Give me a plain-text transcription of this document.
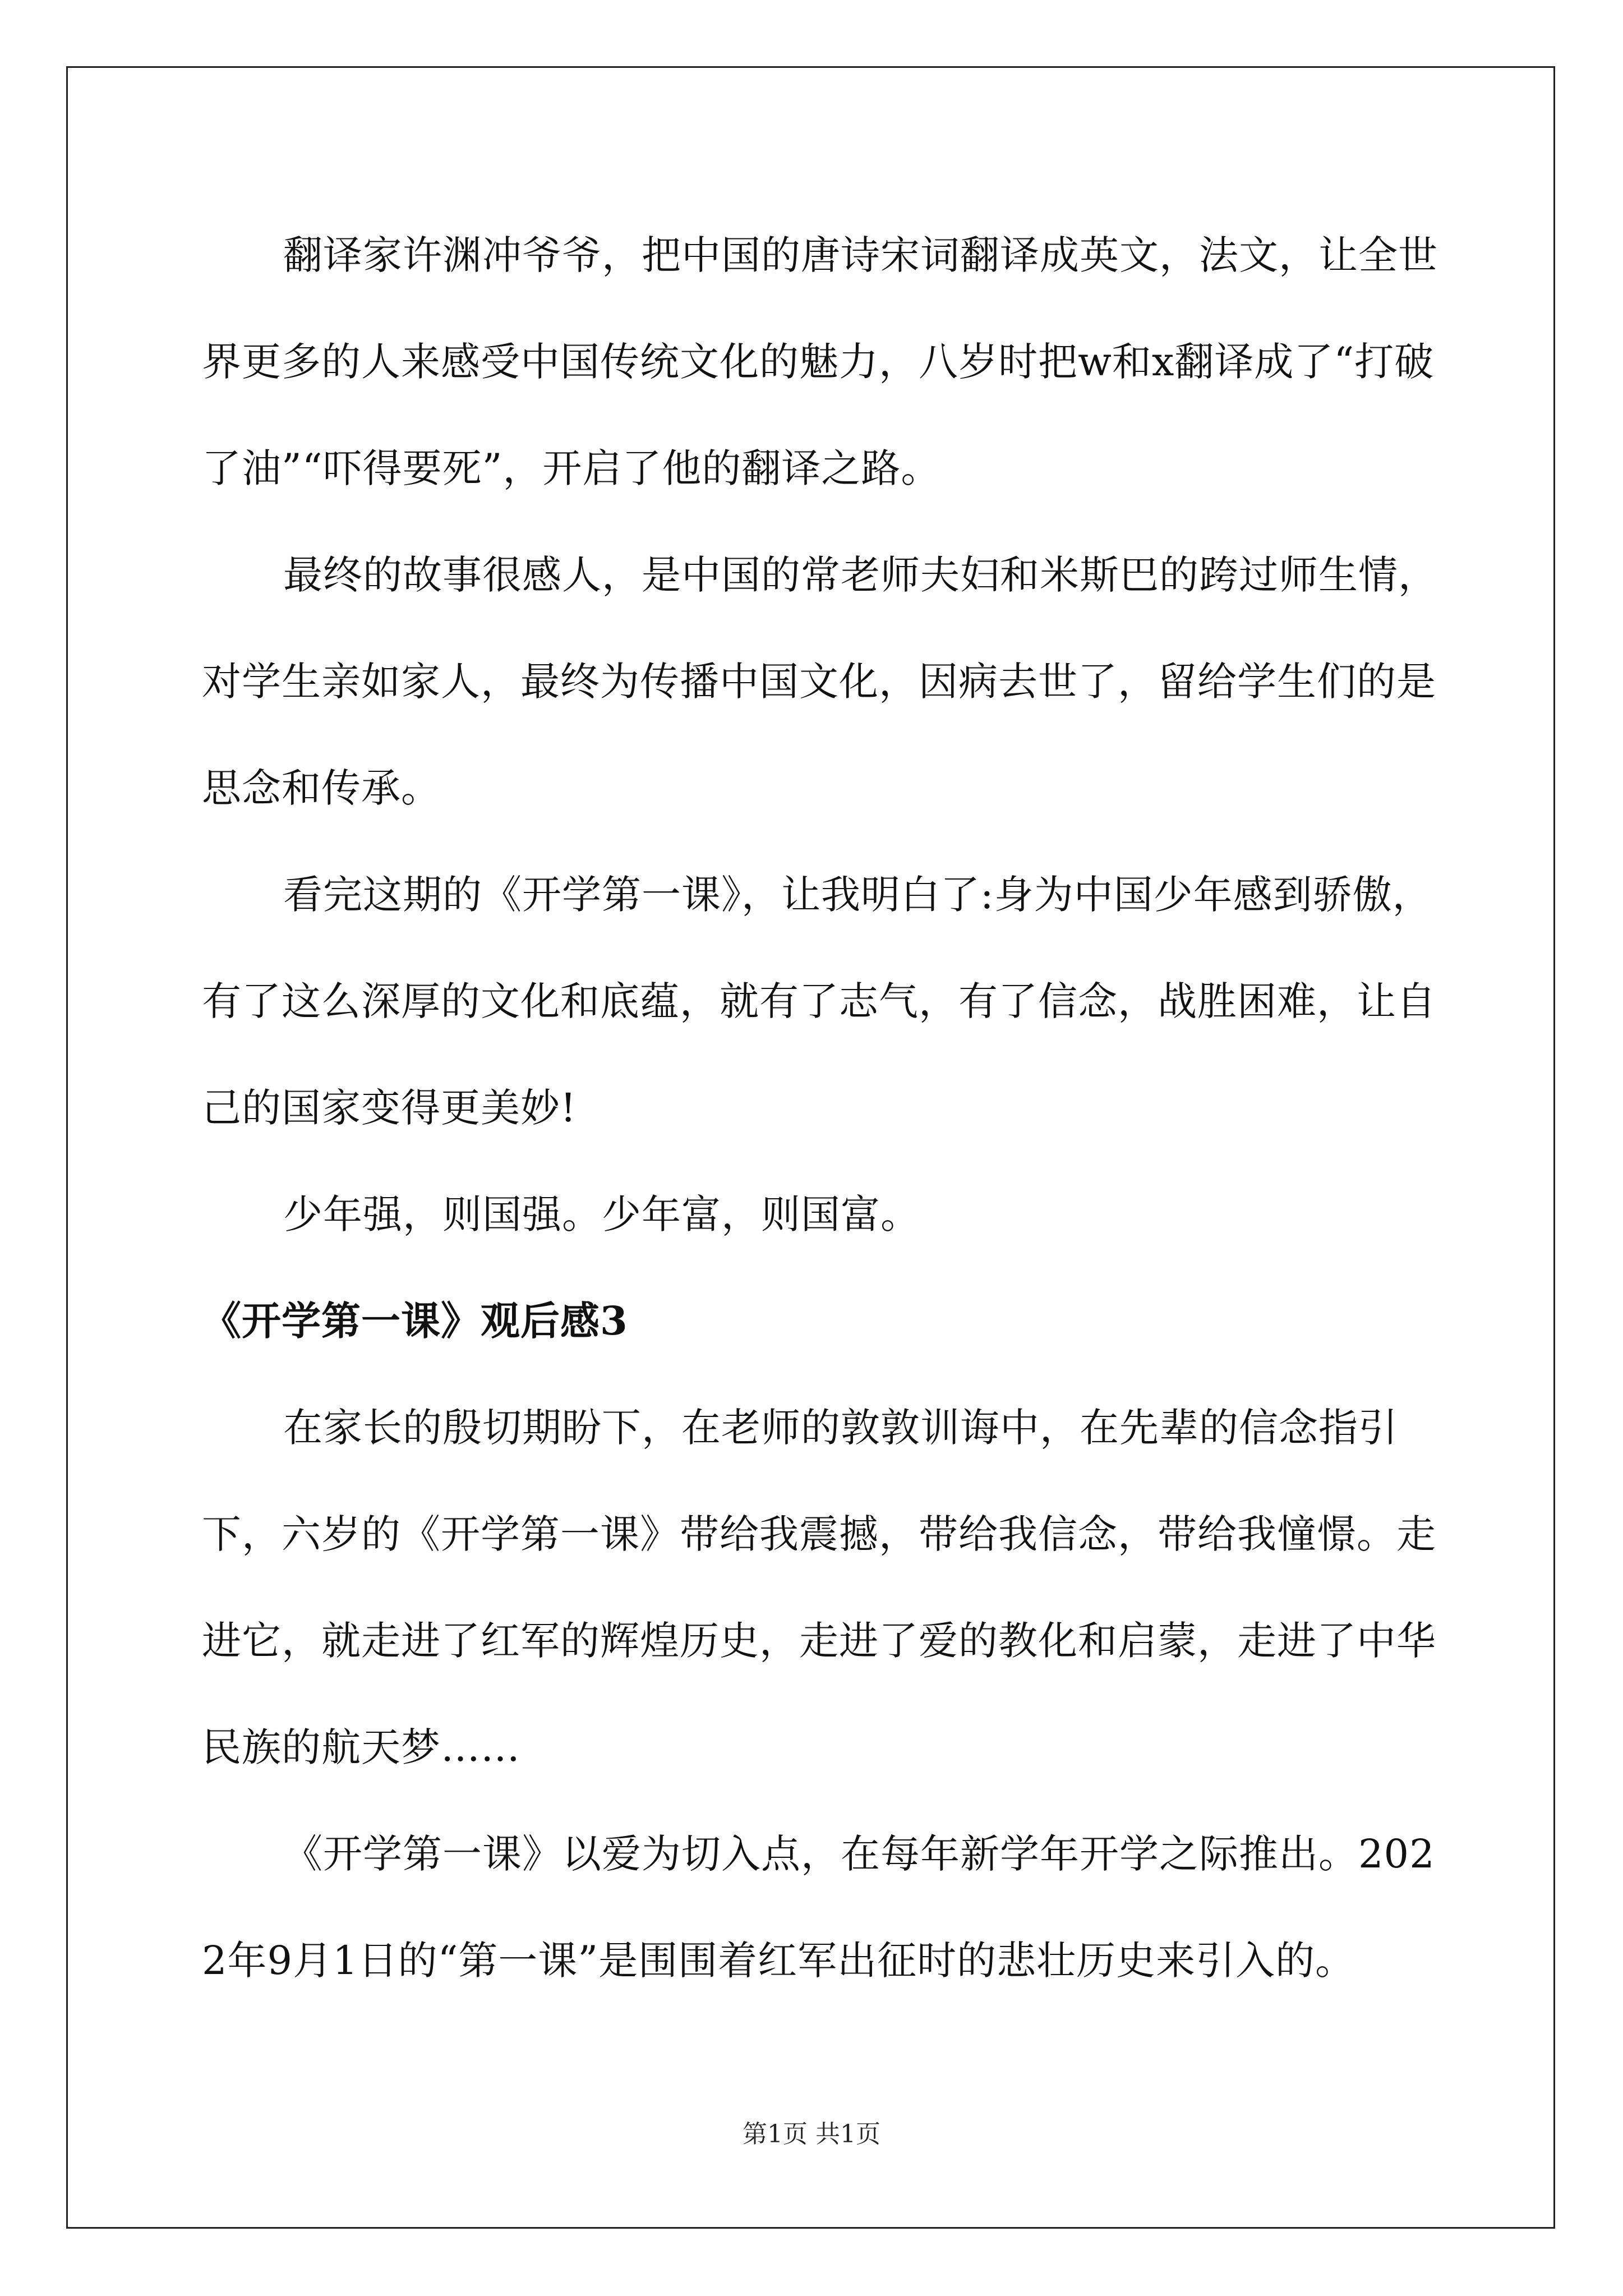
翻译家许渊冲爷爷，把中国的唐诗宋词翻译成英文，法文，让全世界更多的人来感受中国传统文化的魅力，八岁时把w和x翻译成了“打破了油”“吓得要死”，开启了他的翻译之路。

最终的故事很感人，是中国的常老师夫妇和米斯巴的跨过师生情，对学生亲如家人，最终为传播中国文化，因病去世了，留给学生们的是思念和传承。

看完这期的《开学第一课》，让我明白了:身为中国少年感到骄傲，有了这么深厚的文化和底蕴，就有了志气，有了信念，战胜困难，让自己的国家变得更美妙!

少年强，则国强。少年富，则国富。

《开学第一课》观后感3

在家长的殷切期盼下，在老师的敦敦训诲中，在先辈的信念指引下，六岁的《开学第一课》带给我震撼，带给我信念，带给我憧憬。走进它，就走进了红军的辉煌历史，走进了爱的教化和启蒙，走进了中华民族的航天梦……

《开学第一课》以爱为切入点，在每年新学年开学之际推出。2022年9月1日的“第一课”是围围着红军出征时的悲壮历史来引入的。

第1页 共1页
